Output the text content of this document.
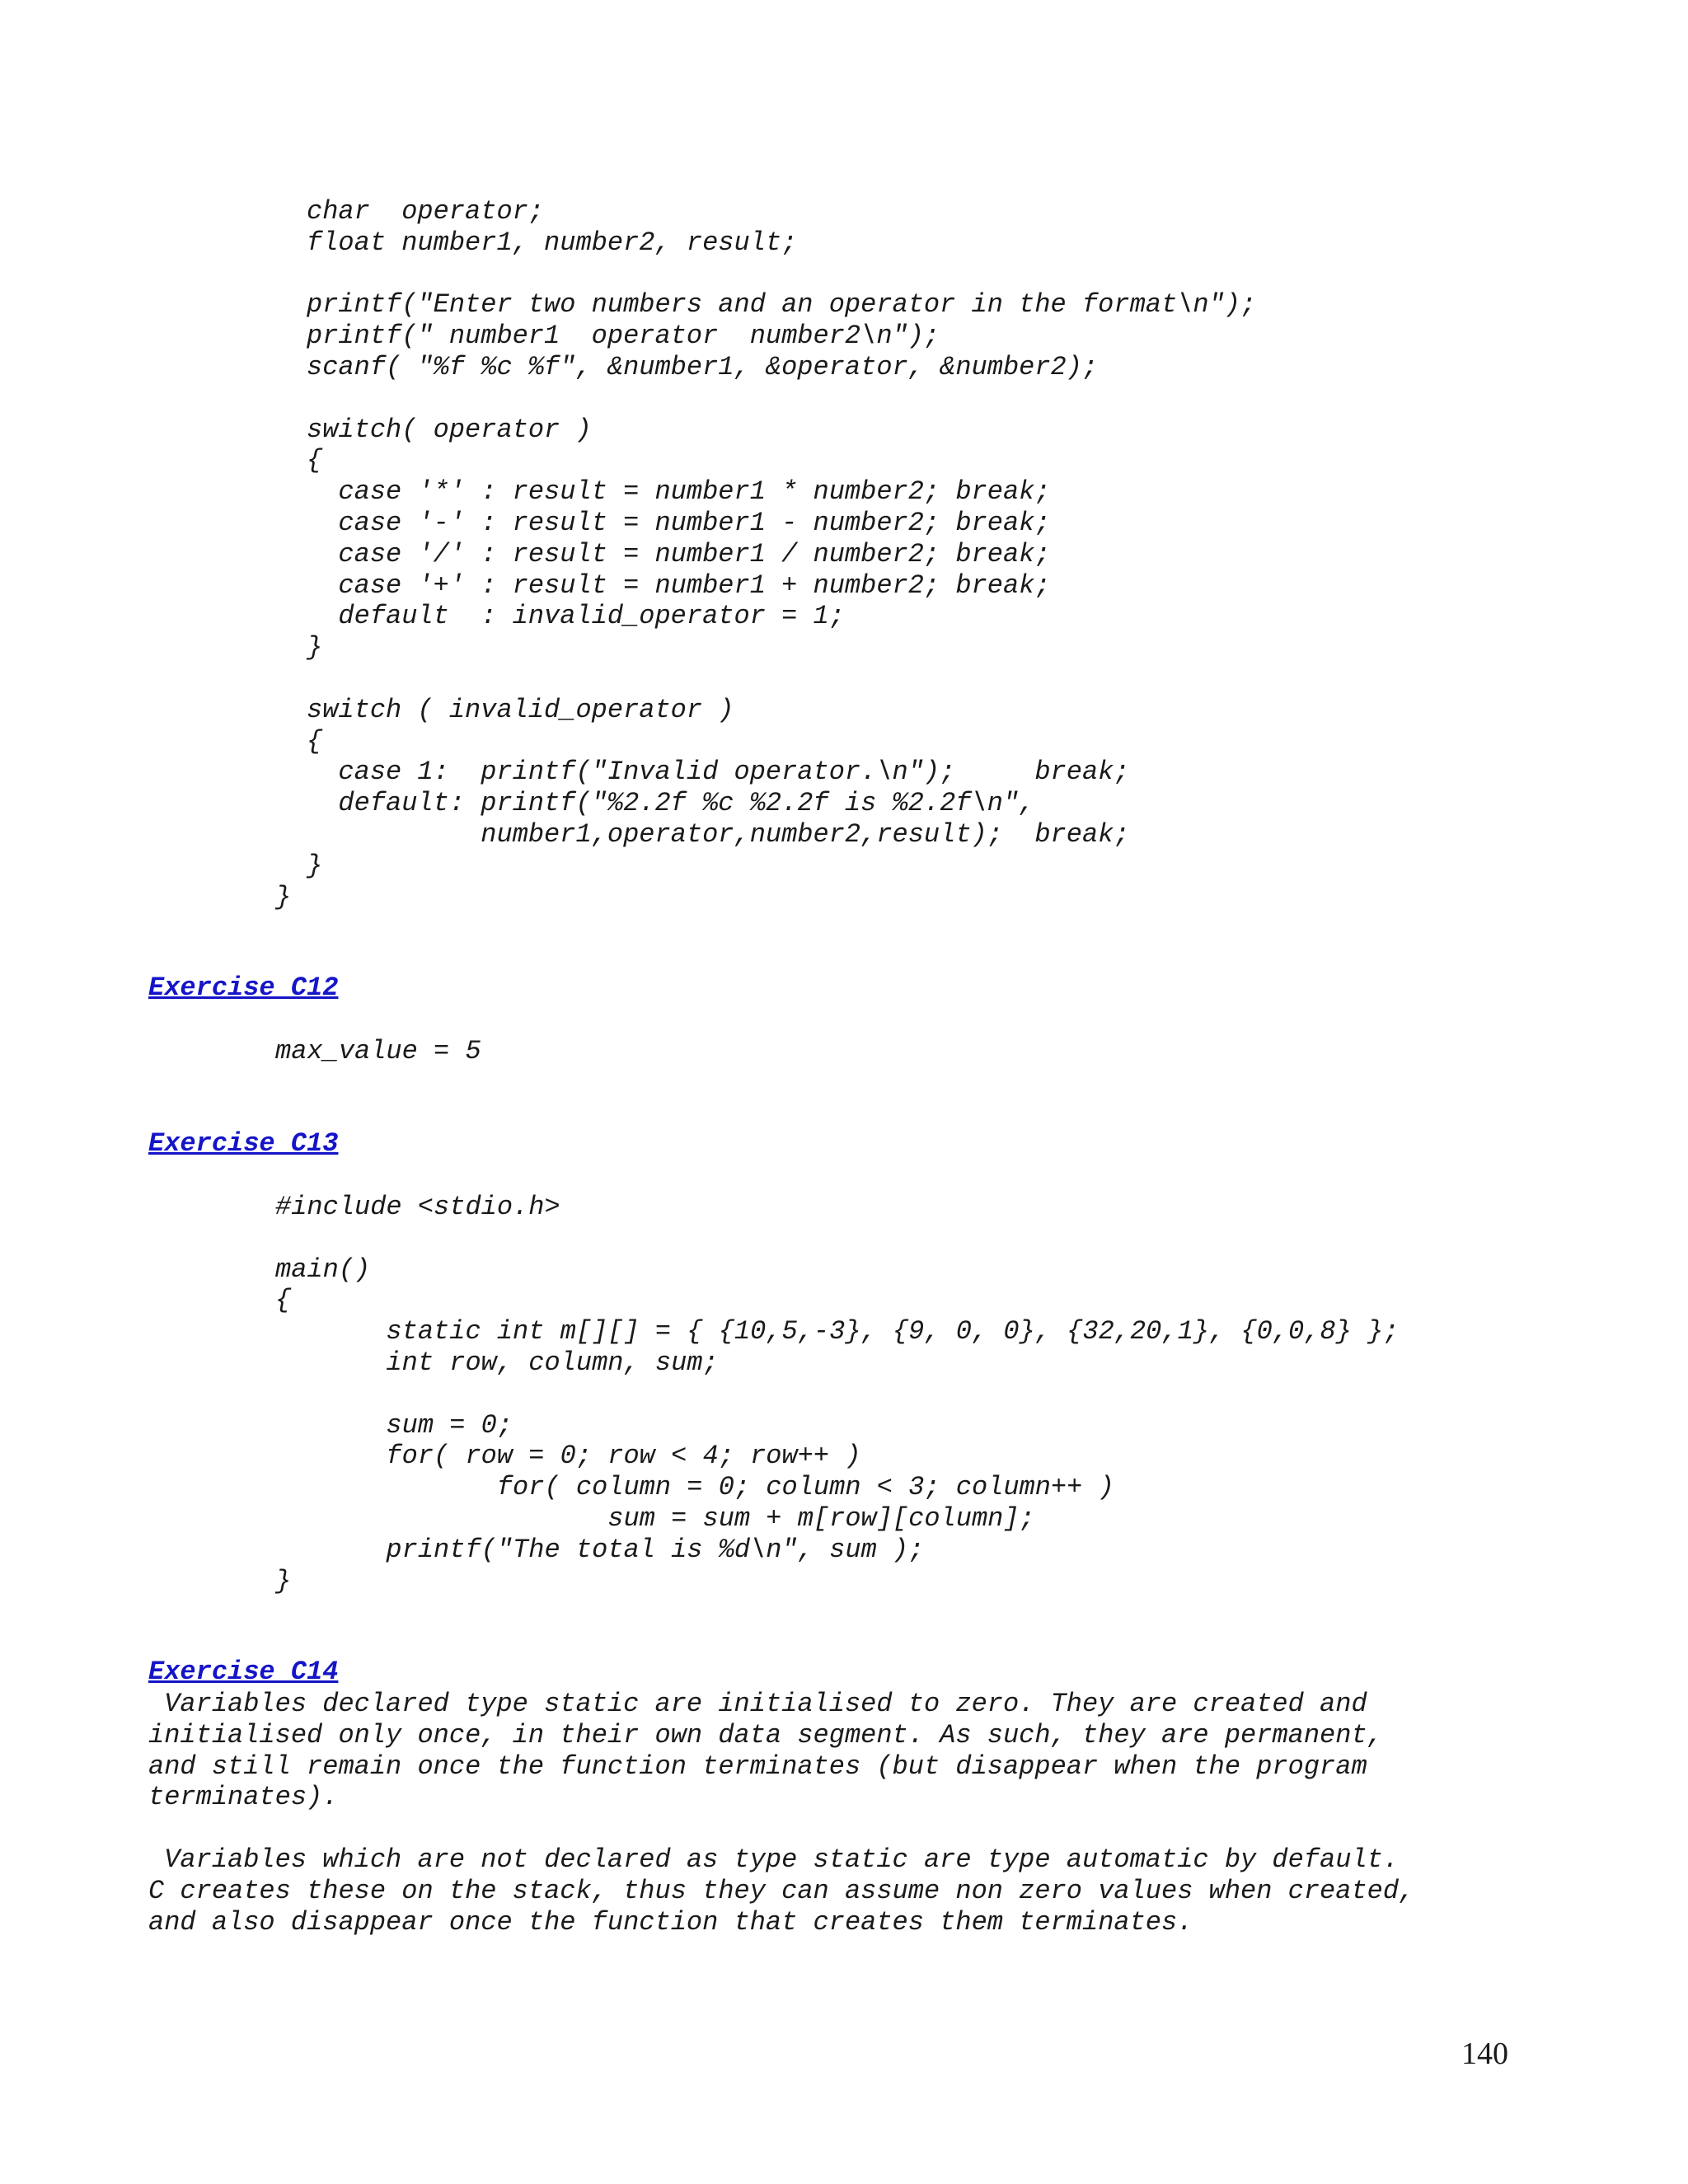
char  operator;
float number1, number2, result;

printf("Enter two numbers and an operator in the format\n");
printf(" number1  operator  number2\n");
scanf( "%f %c %f", &number1, &operator, &number2);

switch( operator )
{
case '*' : result = number1 * number2; break;
case '-' : result = number1 - number2; break;
case '/' : result = number1 / number2; break;
case '+' : result = number1 + number2; break;
default  : invalid_operator = 1;
}

switch ( invalid_operator )
{
case 1:  printf("Invalid operator.\n");     break;
default: printf("%2.2f %c %2.2f is %2.2f\n",
number1,operator,number2,result);  break;
}
}
Exercise C12
max_value = 5
Exercise C13
#include <stdio.h>

main()
{
static int m[][] = { {10,5,-3}, {9, 0, 0}, {32,20,1}, {0,0,8} };
int row, column, sum;

sum = 0;
for( row = 0; row < 4; row++ )
for( column = 0; column < 3; column++ )
sum = sum + m[row][column];
printf("The total is %d\n", sum );
}
Exercise C14
Variables declared type static are initialised to zero. They are created and
initialised only once, in their own data segment. As such, they are permanent,
and still remain once the function terminates (but disappear when the program
terminates).
Variables which are not declared as type static are type automatic by default.
C creates these on the stack, thus they can assume non zero values when created,
and also disappear once the function that creates them terminates.
140
